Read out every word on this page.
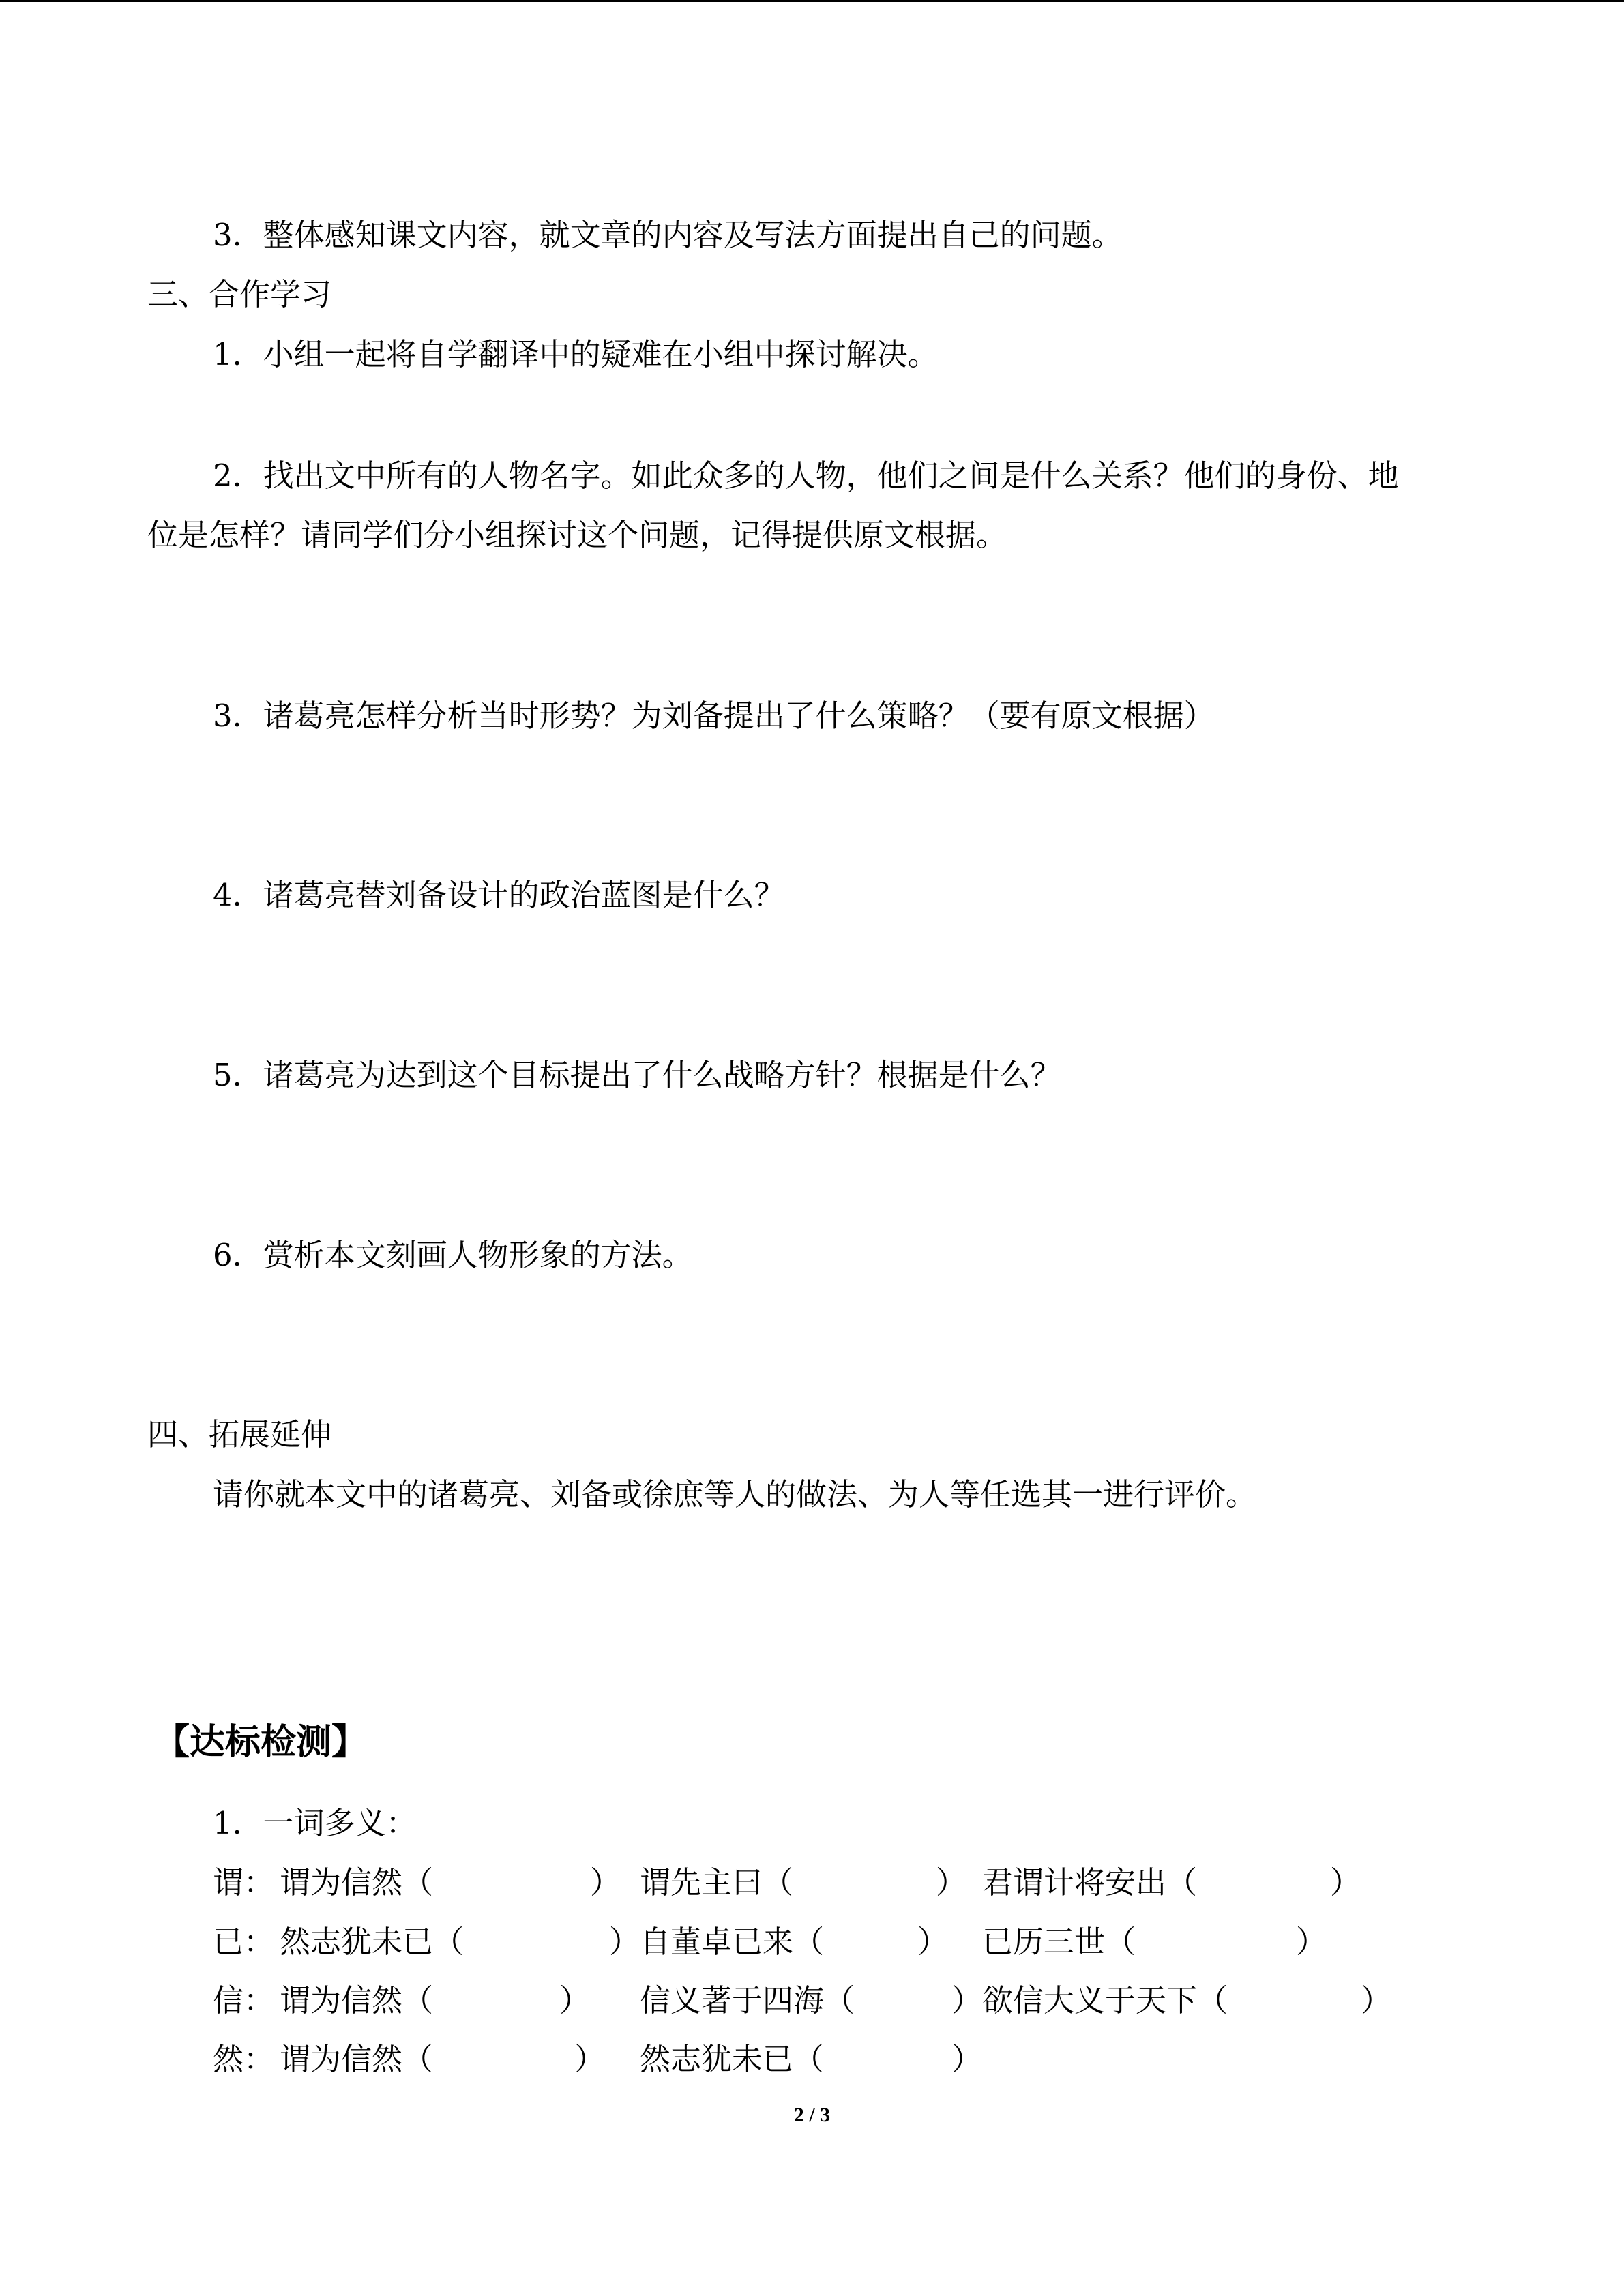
3．整体感知课文内容，就文章的内容及写法方面提出自己的问题。
三、合作学习
1．小组一起将自学翻译中的疑难在小组中探讨解决。
2．找出文中所有的人物名字。如此众多的人物，他们之间是什么关系？他们的身份、地
位是怎样？请同学们分小组探讨这个问题，记得提供原文根据。
3．诸葛亮怎样分析当时形势？为刘备提出了什么策略？（要有原文根据）
4．诸葛亮替刘备设计的政治蓝图是什么？
5．诸葛亮为达到这个目标提出了什么战略方针？根据是什么？
6．赏析本文刻画人物形象的方法。
四、拓展延伸
请你就本文中的诸葛亮、刘备或徐庶等人的做法、为人等任选其一进行评价。
【达标检测】
1．一词多义：
谓： 谓为信然（	） 谓先主曰（	） 君谓计将安出（	）
已： 然志犹未已（	） 自董卓已来（	） 已历三世（	）
信： 谓为信然（	） 信义著于四海（	） 欲信大义于天下（	）
然： 谓为信然（	） 然志犹未已（	）
2 / 3
